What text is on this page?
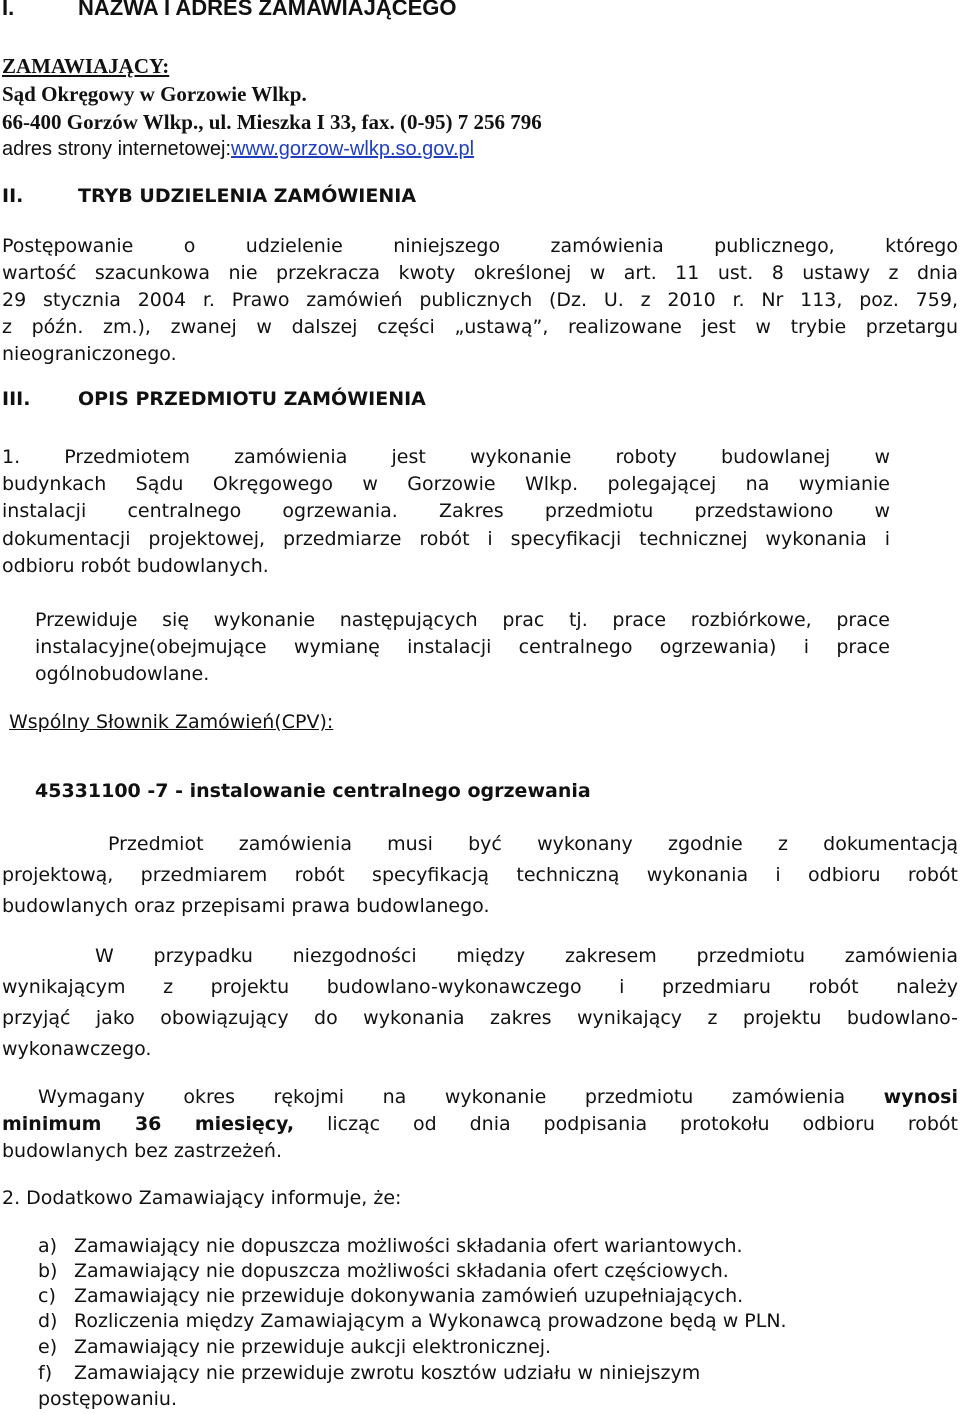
I.	NAZWA I ADRES ZAMAWIAJĄCEGO
ZAMAWIAJĄCY:
Sąd Okręgowy w Gorzowie Wlkp.
66-400 Gorzów Wlkp., ul. Mieszka I 33, fax. (0-95) 7 256 796
adres strony internetowej:www.gorzow-wlkp.so.gov.pl
II.	TRYB UDZIELENIA ZAMÓWIENIA
Postępowanie o udzielenie niniejszego zamówienia publicznego, którego
wartość szacunkowa nie przekracza kwoty określonej w art. 11 ust. 8 ustawy z dnia
29 stycznia 2004 r. Prawo zamówień publicznych (Dz. U. z 2010 r. Nr 113, poz. 759,
z późn. zm.), zwanej w dalszej części „ustawą”, realizowane jest w trybie przetargu
nieograniczonego.
III.	OPIS PRZEDMIOTU ZAMÓWIENIA
1. Przedmiotem zamówienia jest wykonanie roboty budowlanej w
budynkach Sądu Okręgowego w Gorzowie Wlkp. polegającej na wymianie
instalacji centralnego ogrzewania. Zakres przedmiotu przedstawiono w
dokumentacji projektowej, przedmiarze robót i specyfikacji technicznej wykonania i
odbioru robót budowlanych.
Przewiduje się wykonanie następujących prac tj. prace rozbiórkowe, prace
instalacyjne(obejmujące wymianę instalacji centralnego ogrzewania) i prace
ogólnobudowlane.
Wspólny Słownik Zamówień(CPV):
45331100 -7 - instalowanie centralnego ogrzewania
Przedmiot zamówienia musi być wykonany zgodnie z dokumentacją
projektową, przedmiarem robót specyfikacją techniczną wykonania i odbioru robót
budowlanych oraz przepisami prawa budowlanego.
W przypadku niezgodności między zakresem przedmiotu zamówienia
wynikającym z projektu budowlano-wykonawczego i przedmiaru robót należy
przyjąć jako obowiązujący do wykonania zakres wynikający z projektu budowlano-
wykonawczego.
Wymagany okres rękojmi na wykonanie przedmiotu zamówienia wynosi
minimum 36 miesięcy, licząc od dnia podpisania protokołu odbioru robót
budowlanych bez zastrzeżeń.
2. Dodatkowo Zamawiający informuje, że:
a) Zamawiający nie dopuszcza możliwości składania ofert wariantowych.
b) Zamawiający nie dopuszcza możliwości składania ofert częściowych.
c) Zamawiający nie przewiduje dokonywania zamówień uzupełniających.
d) Rozliczenia między Zamawiającym a Wykonawcą prowadzone będą w PLN.
e) Zamawiający nie przewiduje aukcji elektronicznej.
f) Zamawiający nie przewiduje zwrotu kosztów udziału w niniejszym
postępowaniu.
